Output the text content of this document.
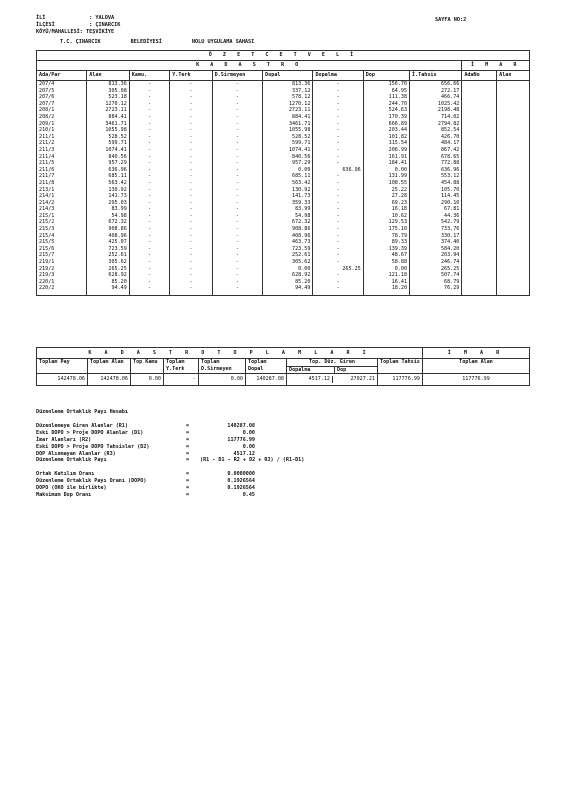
İLİ              : YALOVA
İLÇESİ           : ÇINARCIK
KÖYÜ/MAHALLESİ: TEŞVİKİYE
SAYFA NO:2
T.C. ÇINARCIK	BELEDİYESİ	NOLU UYGULAMA SAHASI
Ö Z E T C E T V E L İ										
K A D A S T R O									İ M A R	
Ada/Par	Alan	Kamu.	Y.Terk	D.Sirmeyen	Dopal	Dopalma	Dop	İ.Tahsis	AdaNo	Alan
207/4	813.36	-	-	-	813.36	-	156.70	656.66		
207/5	305.08	-	-	-	337.12	-	64.95	272.17		
207/6	523.18	-	-	-	578.12	-	111.38	466.74		
207/7	1270.12	-	-	-	1270.12	-	244.70	1025.42		
208/1	2723.11	-	-	-	2723.11	-	524.63	2198.48		
208/2	884.41	-	-	-	884.41	-	170.39	714.02		
209/1	3461.71	-	-	-	3461.71	-	666.89	2794.82		
210/1	1055.98	-	-	-	1055.98	-	203.44	852.54		
211/1	528.52	-	-	-	528.52	-	101.82	426.70		
211/2	599.71	-	-	-	599.71	-	115.54	484.17		
211/3	1074.41	-	-	-	1074.41	-	206.99	867.42		
211/4	840.56	-	-	-	840.56	-	161.91	678.65		
211/5	957.29	-	-	-	957.29	-	184.41	772.88		
211/6	636.96	-	-	-	0.00	636.96	0.00	636.96		
211/7	685.11	-	-	-	685.11	-	131.99	553.12		
211/8	563.42	-	-	-	563.42	-	108.55	454.88		
213/1	130.92	-	-	-	130.92	-	25.22	105.70		
214/1	141.73	-	-	-	141.73	-	27.28	114.45		
214/2	295.03	-	-	-	359.33	-	69.23	290.10		
214/3	83.99	-	-	-	83.99	-	16.18	67.81		
215/1	54.98	-	-	-	54.98	-	10.62	44.36		
215/2	672.32	-	-	-	672.32	-	129.53	542.79		
215/3	908.86	-	-	-	908.86	-	175.10	733.76		
215/4	408.96	-	-	-	408.96	-	78.79	330.17		
215/5	425.07	-	-	-	463.73	-	89.33	374.40		
215/6	723.59	-	-	-	723.59	-	139.39	584.20		
215/7	252.61	-	-	-	252.61	-	48.67	203.94		
219/1	305.62	-	-	-	305.62	-	58.88	246.74		
219/2	265.25	-	-	-	0.00	265.25	0.00	265.25		
219/3	628.92	-	-	-	628.92	-	121.18	507.74		
220/1	85.20	-	-	-	85.20	-	16.41	68.79		
220/2	94.49	-	-	-	94.49	-	18.20	76.29		

K A D A S T R O T O P L A M L A R I								İ M A R
Toplam Pay	Toplam Alan	Top Kamu	Toplam Y.Terk	Toplam D.Sirmeyen	Toplam Dopal	Top. Düz. Giren
Dopalma Dop	Toplam Tahsis	Toplam Alan
142478.06	142478.06	0.00	-	0.00	140287.08	4517.12 27027.21	117776.99	117776.99
Düzenleme Ortaklık Payı Hesabı
Düzenlemeye Giren Alanlar (R1)	=	140287.08
Eski DOPO > Proje DOPO Alanlar (D1)	=	0.00
İmar Alanları (R2)	=	117776.99
Eski DOPO > Proje DOPO Tahsisler (D2)	=	0.00
DOP Alınmayan Alanlar (R3)	=	4517.12
Düzenleme Ortaklık Payı	=	(R1 - D1 - R2 + D2 + R3) / (R1-D1)
Ortak Katılım Oranı	=	0.0000000
Düzenleme Ortaklık Payı Oranı (DOPO)	=	0.1926564
DOPO (OKO ile birlikte)	=	0.1926564
Maksimum Dop Oranı	=	0.45
